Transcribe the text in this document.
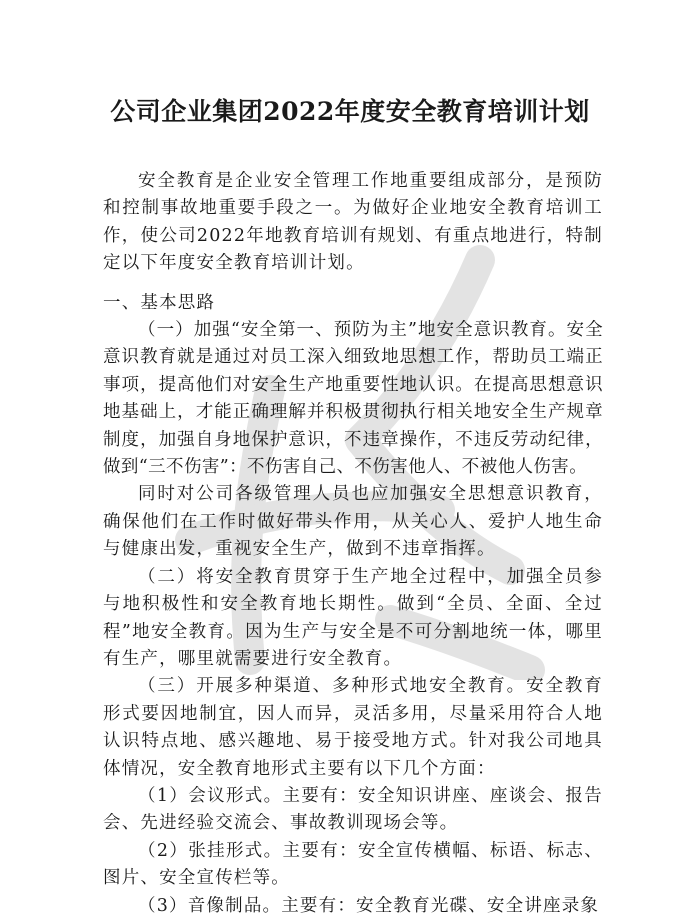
公司企业集团2022年度安全教育培训计划

安全教育是企业安全管理工作地重要组成部分，是预防和控制事故地重要手段之一。为做好企业地安全教育培训工作，使公司2022年地教育培训有规划、有重点地进行，特制定以下年度安全教育培训计划。

一、基本思路

（一）加强“安全第一、预防为主”地安全意识教育。安全意识教育就是通过对员工深入细致地思想工作，帮助员工端正事项，提高他们对安全生产地重要性地认识。在提高思想意识地基础上，才能正确理解并积极贯彻执行相关地安全生产规章制度，加强自身地保护意识，不违章操作，不违反劳动纪律，做到“三不伤害”：不伤害自己、不伤害他人、不被他人伤害。

同时对公司各级管理人员也应加强安全思想意识教育，确保他们在工作时做好带头作用，从关心人、爱护人地生命与健康出发，重视安全生产，做到不违章指挥。

（二）将安全教育贯穿于生产地全过程中，加强全员参与地积极性和安全教育地长期性。做到“全员、全面、全过程”地安全教育。因为生产与安全是不可分割地统一体，哪里有生产，哪里就需要进行安全教育。

（三）开展多种渠道、多种形式地安全教育。安全教育形式要因地制宜，因人而异，灵活多用，尽量采用符合人地认识特点地、感兴趣地、易于接受地方式。针对我公司地具体情况，安全教育地形式主要有以下几个方面：

（1）会议形式。主要有：安全知识讲座、座谈会、报告会、先进经验交流会、事故教训现场会等。

（2）张挂形式。主要有：安全宣传横幅、标语、标志、图片、安全宣传栏等。

（3）音像制品。主要有：安全教育光碟、安全讲座录象
